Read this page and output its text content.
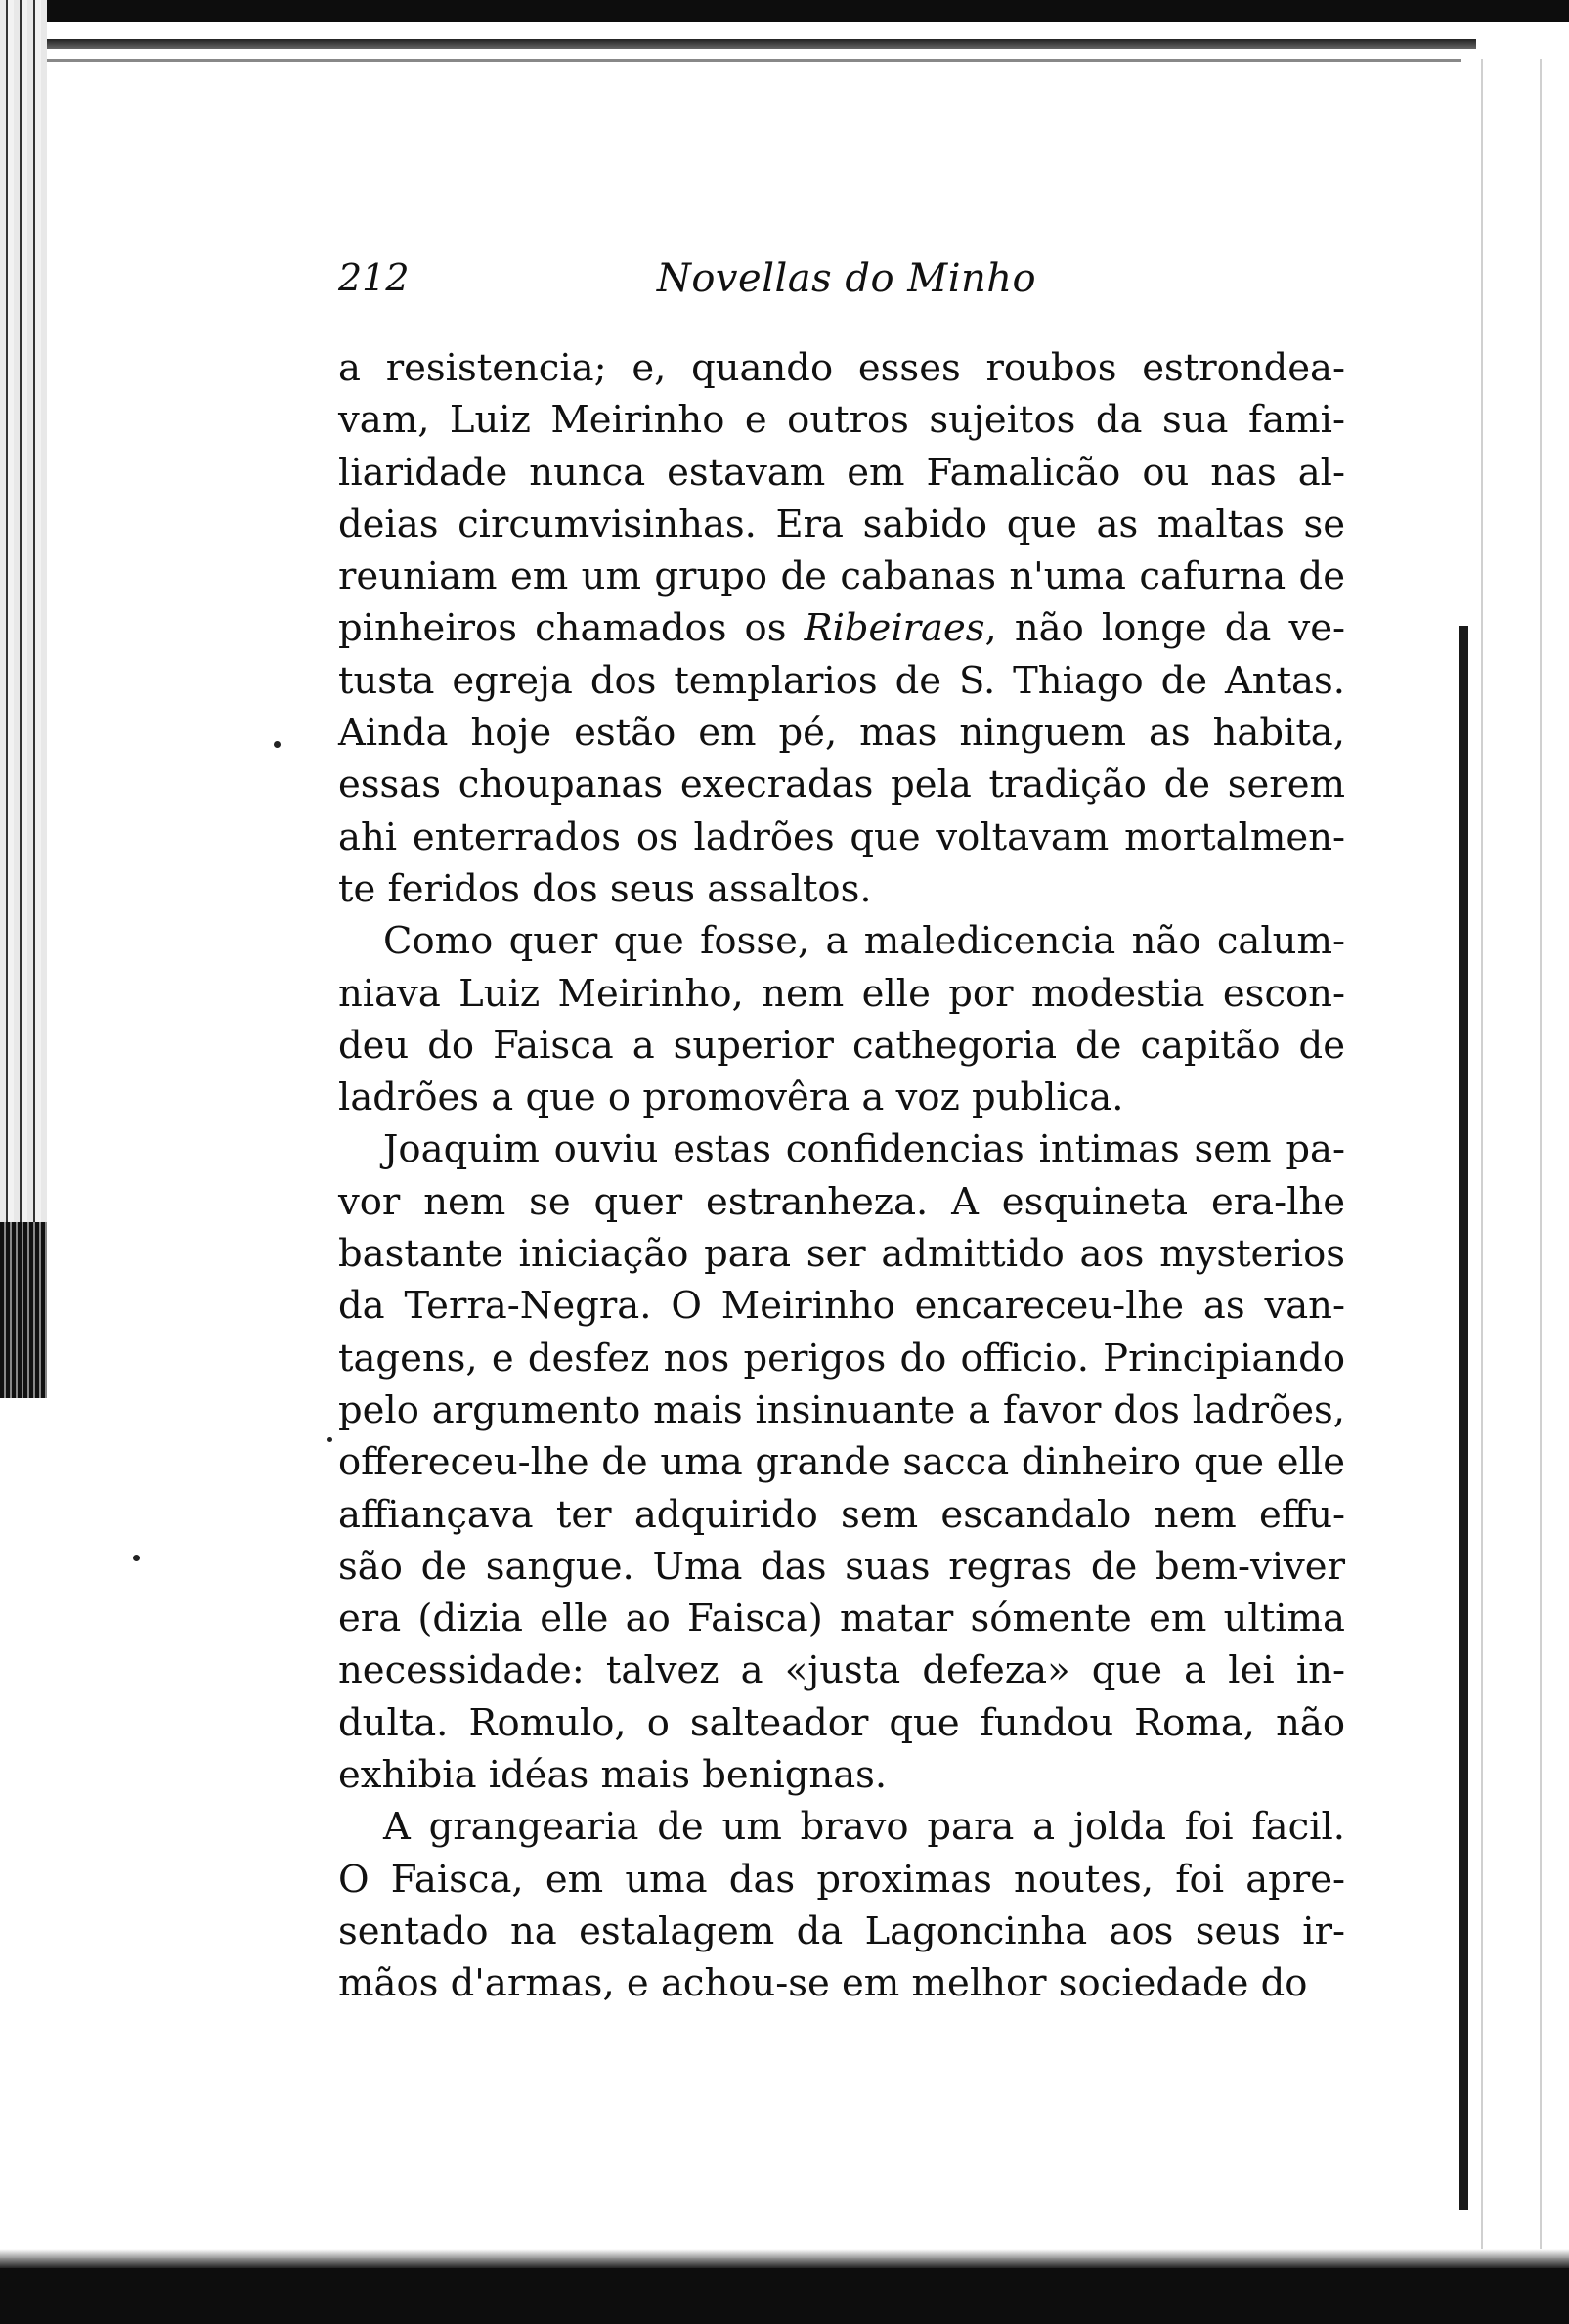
212	Novellas do Minho
a resistencia; e, quando esses roubos estrondea-
vam, Luiz Meirinho e outros sujeitos da sua fami-
liaridade nunca estavam em Famalicão ou nas al-
deias circumvisinhas. Era sabido que as maltas se
reuniam em um grupo de cabanas n'uma cafurna de
pinheiros chamados os Ribeiraes, não longe da ve-
tusta egreja dos templarios de S. Thiago de Antas.
Ainda hoje estão em pé, mas ninguem as habita,
essas choupanas execradas pela tradição de serem
ahi enterrados os ladrões que voltavam mortalmen-
te feridos dos seus assaltos.
Como quer que fosse, a maledicencia não calum-
niava Luiz Meirinho, nem elle por modestia escon-
deu do Faisca a superior cathegoria de capitão de
ladrões a que o promovêra a voz publica.
Joaquim ouviu estas confidencias intimas sem pa-
vor nem se quer estranheza. A esquineta era-lhe
bastante iniciação para ser admittido aos mysterios
da Terra-Negra. O Meirinho encareceu-lhe as van-
tagens, e desfez nos perigos do officio. Principiando
pelo argumento mais insinuante a favor dos ladrões,
offereceu-lhe de uma grande sacca dinheiro que elle
affiançava ter adquirido sem escandalo nem effu-
são de sangue. Uma das suas regras de bem-viver
era (dizia elle ao Faisca) matar sómente em ultima
necessidade: talvez a «justa defeza» que a lei in-
dulta. Romulo, o salteador que fundou Roma, não
exhibia idéas mais benignas.
A grangearia de um bravo para a jolda foi facil.
O Faisca, em uma das proximas noutes, foi apre-
sentado na estalagem da Lagoncinha aos seus ir-
mãos d'armas, e achou-se em melhor sociedade do
